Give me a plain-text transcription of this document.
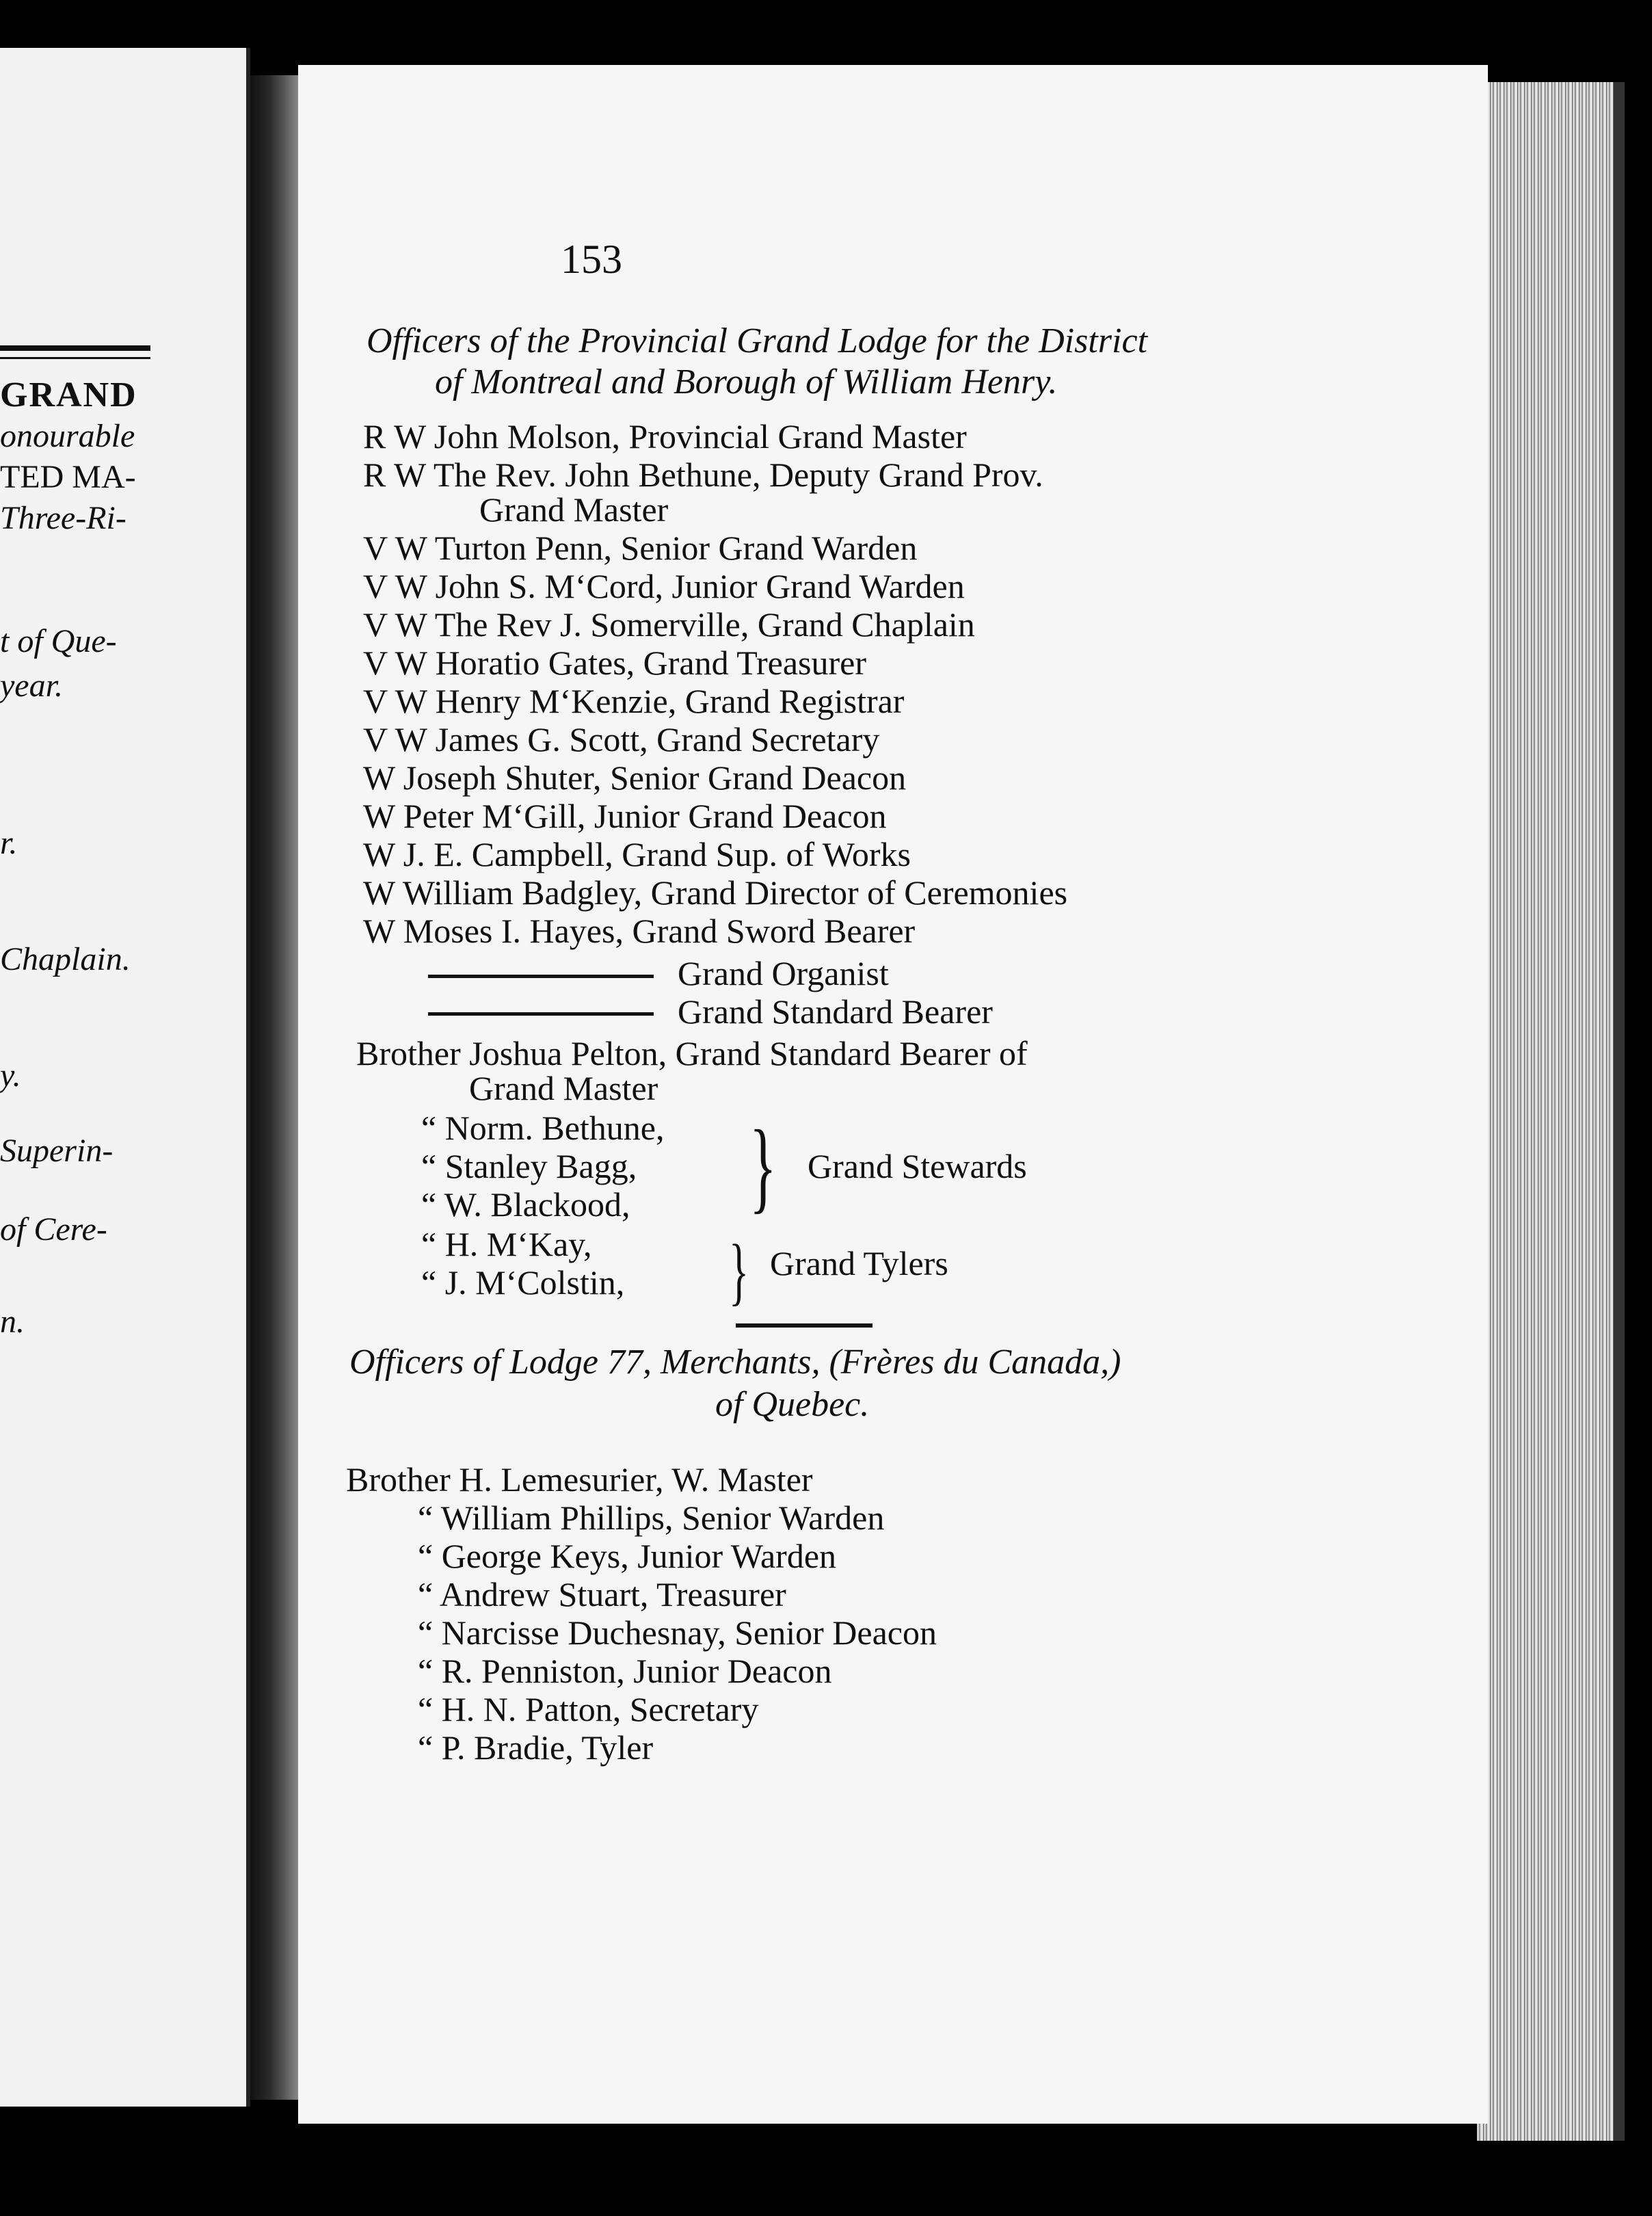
GRAND
onourable
TED MA-
Three-Ri-
t of Que-
year.
r.
Chaplain.
y.
Superin-
of Cere-
n.
153
Officers of the Provincial Grand Lodge for the District
of Montreal and Borough of William Henry.
R W John Molson, Provincial Grand Master
R W The Rev. John Bethune, Deputy Grand Prov.
Grand Master
V W Turton Penn, Senior Grand Warden
V W John S. M‘Cord, Junior Grand Warden
V W The Rev J. Somerville, Grand Chaplain
V W Horatio Gates, Grand Treasurer
V W Henry M‘Kenzie, Grand Registrar
V W James G. Scott, Grand Secretary
W Joseph Shuter, Senior Grand Deacon
W Peter M‘Gill, Junior Grand Deacon
W J. E. Campbell, Grand Sup. of Works
W William Badgley, Grand Director of Ceremonies
W Moses I. Hayes, Grand Sword Bearer
Grand Organist
Grand Standard Bearer
Brother Joshua Pelton, Grand Standard Bearer of
Grand Master
“ Norm. Bethune,
“ Stanley Bagg,
“ W. Blackood, } Grand Stewards
“ H. M‘Kay,
“ J. M‘Colstin, } Grand Tylers
Officers of Lodge 77, Merchants, (Frères du Canada,)
of Quebec.
Brother H. Lemesurier, W. Master
“ William Phillips, Senior Warden
“ George Keys, Junior Warden
“ Andrew Stuart, Treasurer
“ Narcisse Duchesnay, Senior Deacon
“ R. Penniston, Junior Deacon
“ H. N. Patton, Secretary
“ P. Bradie, Tyler
